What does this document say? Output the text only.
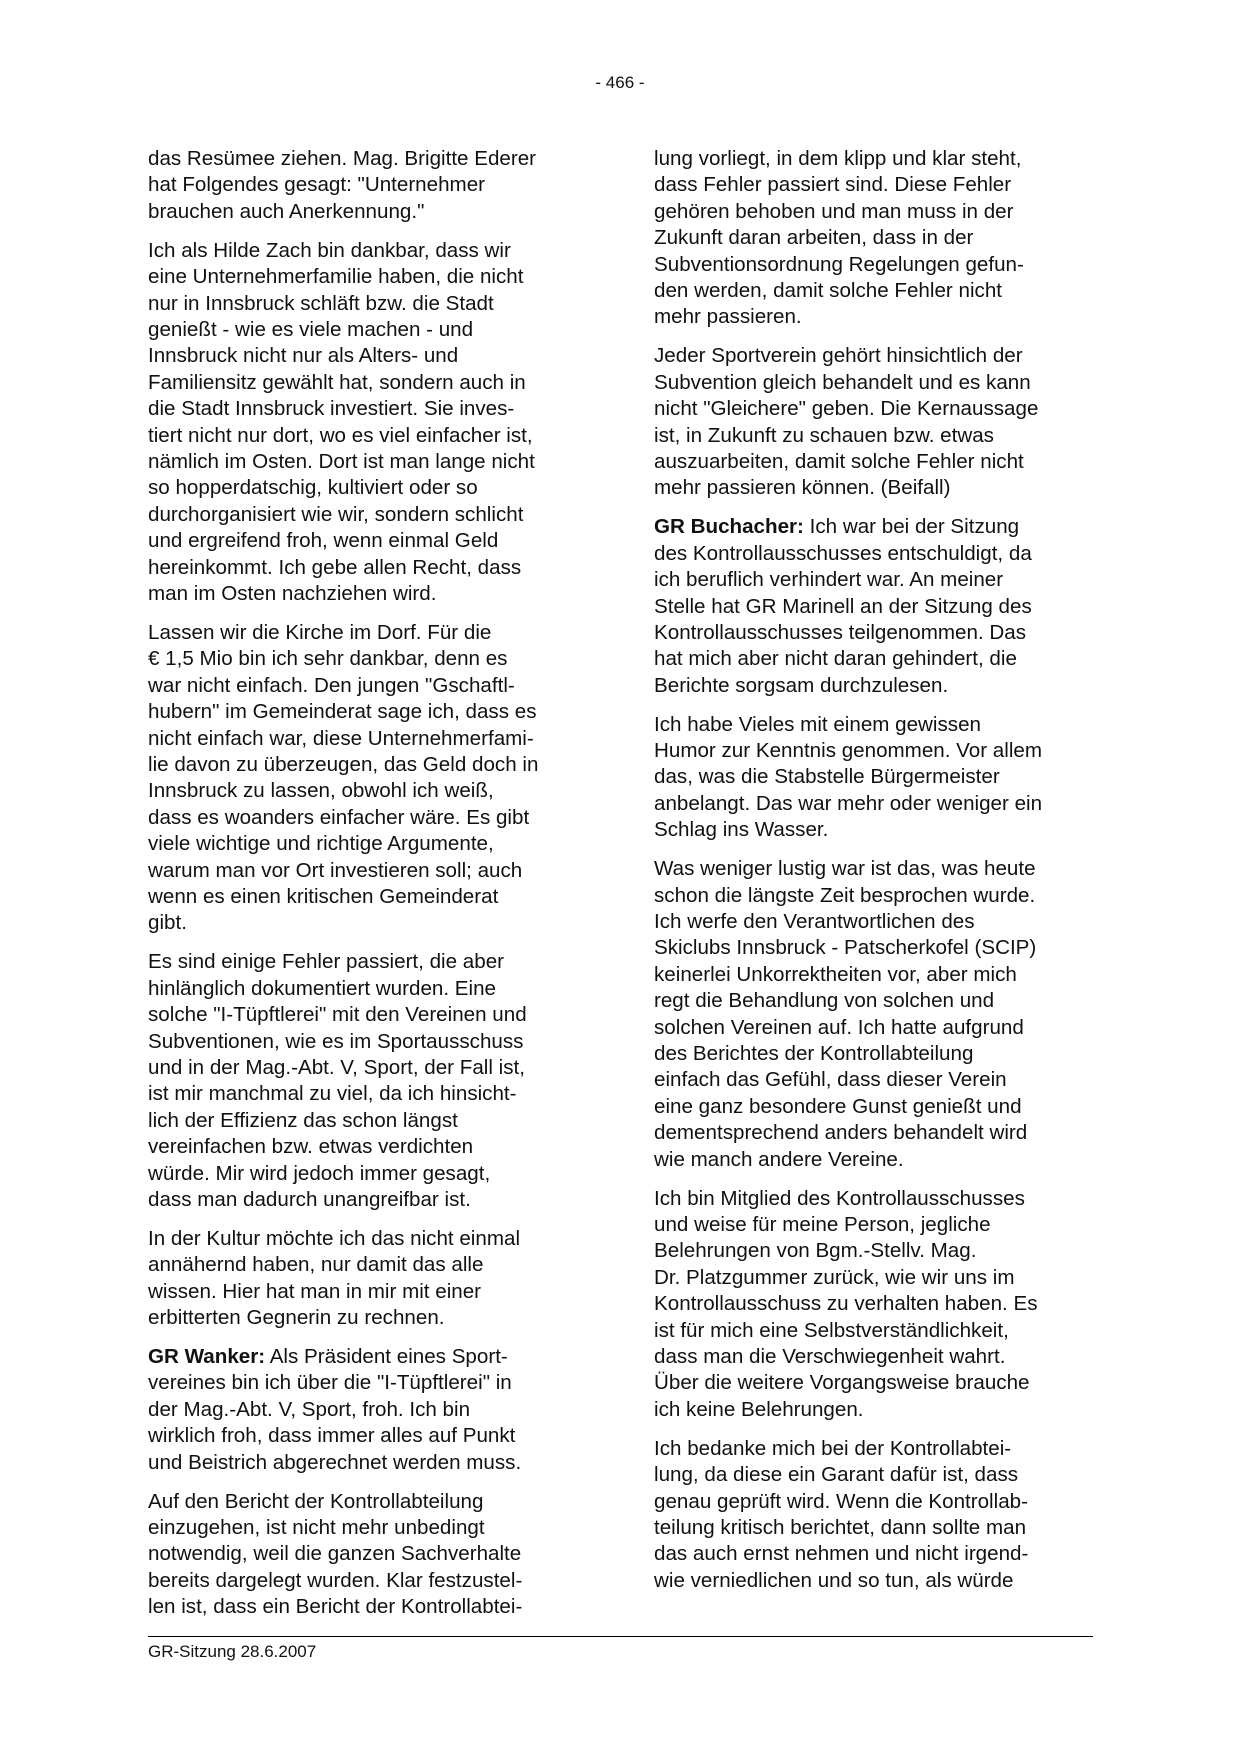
- 466 -

das Resümee ziehen. Mag. Brigitte Ederer
hat Folgendes gesagt: "Unternehmer
brauchen auch Anerkennung."

Ich als Hilde Zach bin dankbar, dass wir
eine Unternehmerfamilie haben, die nicht
nur in Innsbruck schläft bzw. die Stadt
genießt - wie es viele machen - und
Innsbruck nicht nur als Alters- und
Familiensitz gewählt hat, sondern auch in
die Stadt Innsbruck investiert. Sie inves-
tiert nicht nur dort, wo es viel einfacher ist,
nämlich im Osten. Dort ist man lange nicht
so hopperdatschig, kultiviert oder so
durchorganisiert wie wir, sondern schlicht
und ergreifend froh, wenn einmal Geld
hereinkommt. Ich gebe allen Recht, dass
man im Osten nachziehen wird.

Lassen wir die Kirche im Dorf. Für die
€ 1,5 Mio bin ich sehr dankbar, denn es
war nicht einfach. Den jungen "Gschaftl-
hubern" im Gemeinderat sage ich, dass es
nicht einfach war, diese Unternehmerfami-
lie davon zu überzeugen, das Geld doch in
Innsbruck zu lassen, obwohl ich weiß,
dass es woanders einfacher wäre. Es gibt
viele wichtige und richtige Argumente,
warum man vor Ort investieren soll; auch
wenn es einen kritischen Gemeinderat
gibt.

Es sind einige Fehler passiert, die aber
hinlänglich dokumentiert wurden. Eine
solche "I-Tüpftlerei" mit den Vereinen und
Subventionen, wie es im Sportausschuss
und in der Mag.-Abt. V, Sport, der Fall ist,
ist mir manchmal zu viel, da ich hinsicht-
lich der Effizienz das schon längst
vereinfachen bzw. etwas verdichten
würde. Mir wird jedoch immer gesagt,
dass man dadurch unangreifbar ist.

In der Kultur möchte ich das nicht einmal
annähernd haben, nur damit das alle
wissen. Hier hat man in mir mit einer
erbitterten Gegnerin zu rechnen.

GR Wanker: Als Präsident eines Sport-
vereines bin ich über die "I-Tüpftlerei" in
der Mag.-Abt. V, Sport, froh. Ich bin
wirklich froh, dass immer alles auf Punkt
und Beistrich abgerechnet werden muss.

Auf den Bericht der Kontrollabteilung
einzugehen, ist nicht mehr unbedingt
notwendig, weil die ganzen Sachverhalte
bereits dargelegt wurden. Klar festzustel-
len ist, dass ein Bericht der Kontrollabtei-

lung vorliegt, in dem klipp und klar steht,
dass Fehler passiert sind. Diese Fehler
gehören behoben und man muss in der
Zukunft daran arbeiten, dass in der
Subventionsordnung Regelungen gefun-
den werden, damit solche Fehler nicht
mehr passieren.

Jeder Sportverein gehört hinsichtlich der
Subvention gleich behandelt und es kann
nicht "Gleichere" geben. Die Kernaussage
ist, in Zukunft zu schauen bzw. etwas
auszuarbeiten, damit solche Fehler nicht
mehr passieren können. (Beifall)

GR Buchacher: Ich war bei der Sitzung
des Kontrollausschusses entschuldigt, da
ich beruflich verhindert war. An meiner
Stelle hat GR Marinell an der Sitzung des
Kontrollausschusses teilgenommen. Das
hat mich aber nicht daran gehindert, die
Berichte sorgsam durchzulesen.

Ich habe Vieles mit einem gewissen
Humor zur Kenntnis genommen. Vor allem
das, was die Stabstelle Bürgermeister
anbelangt. Das war mehr oder weniger ein
Schlag ins Wasser.

Was weniger lustig war ist das, was heute
schon die längste Zeit besprochen wurde.
Ich werfe den Verantwortlichen des
Skiclubs Innsbruck - Patscherkofel (SCIP)
keinerlei Unkorrektheiten vor, aber mich
regt die Behandlung von solchen und
solchen Vereinen auf. Ich hatte aufgrund
des Berichtes der Kontrollabteilung
einfach das Gefühl, dass dieser Verein
eine ganz besondere Gunst genießt und
dementsprechend anders behandelt wird
wie manch andere Vereine.

Ich bin Mitglied des Kontrollausschusses
und weise für meine Person, jegliche
Belehrungen von Bgm.-Stellv. Mag.
Dr. Platzgummer zurück, wie wir uns im
Kontrollausschuss zu verhalten haben. Es
ist für mich eine Selbstverständlichkeit,
dass man die Verschwiegenheit wahrt.
Über die weitere Vorgangsweise brauche
ich keine Belehrungen.

Ich bedanke mich bei der Kontrollabtei-
lung, da diese ein Garant dafür ist, dass
genau geprüft wird. Wenn die Kontrollab-
teilung kritisch berichtet, dann sollte man
das auch ernst nehmen und nicht irgend-
wie verniedlichen und so tun, als würde

GR-Sitzung 28.6.2007
